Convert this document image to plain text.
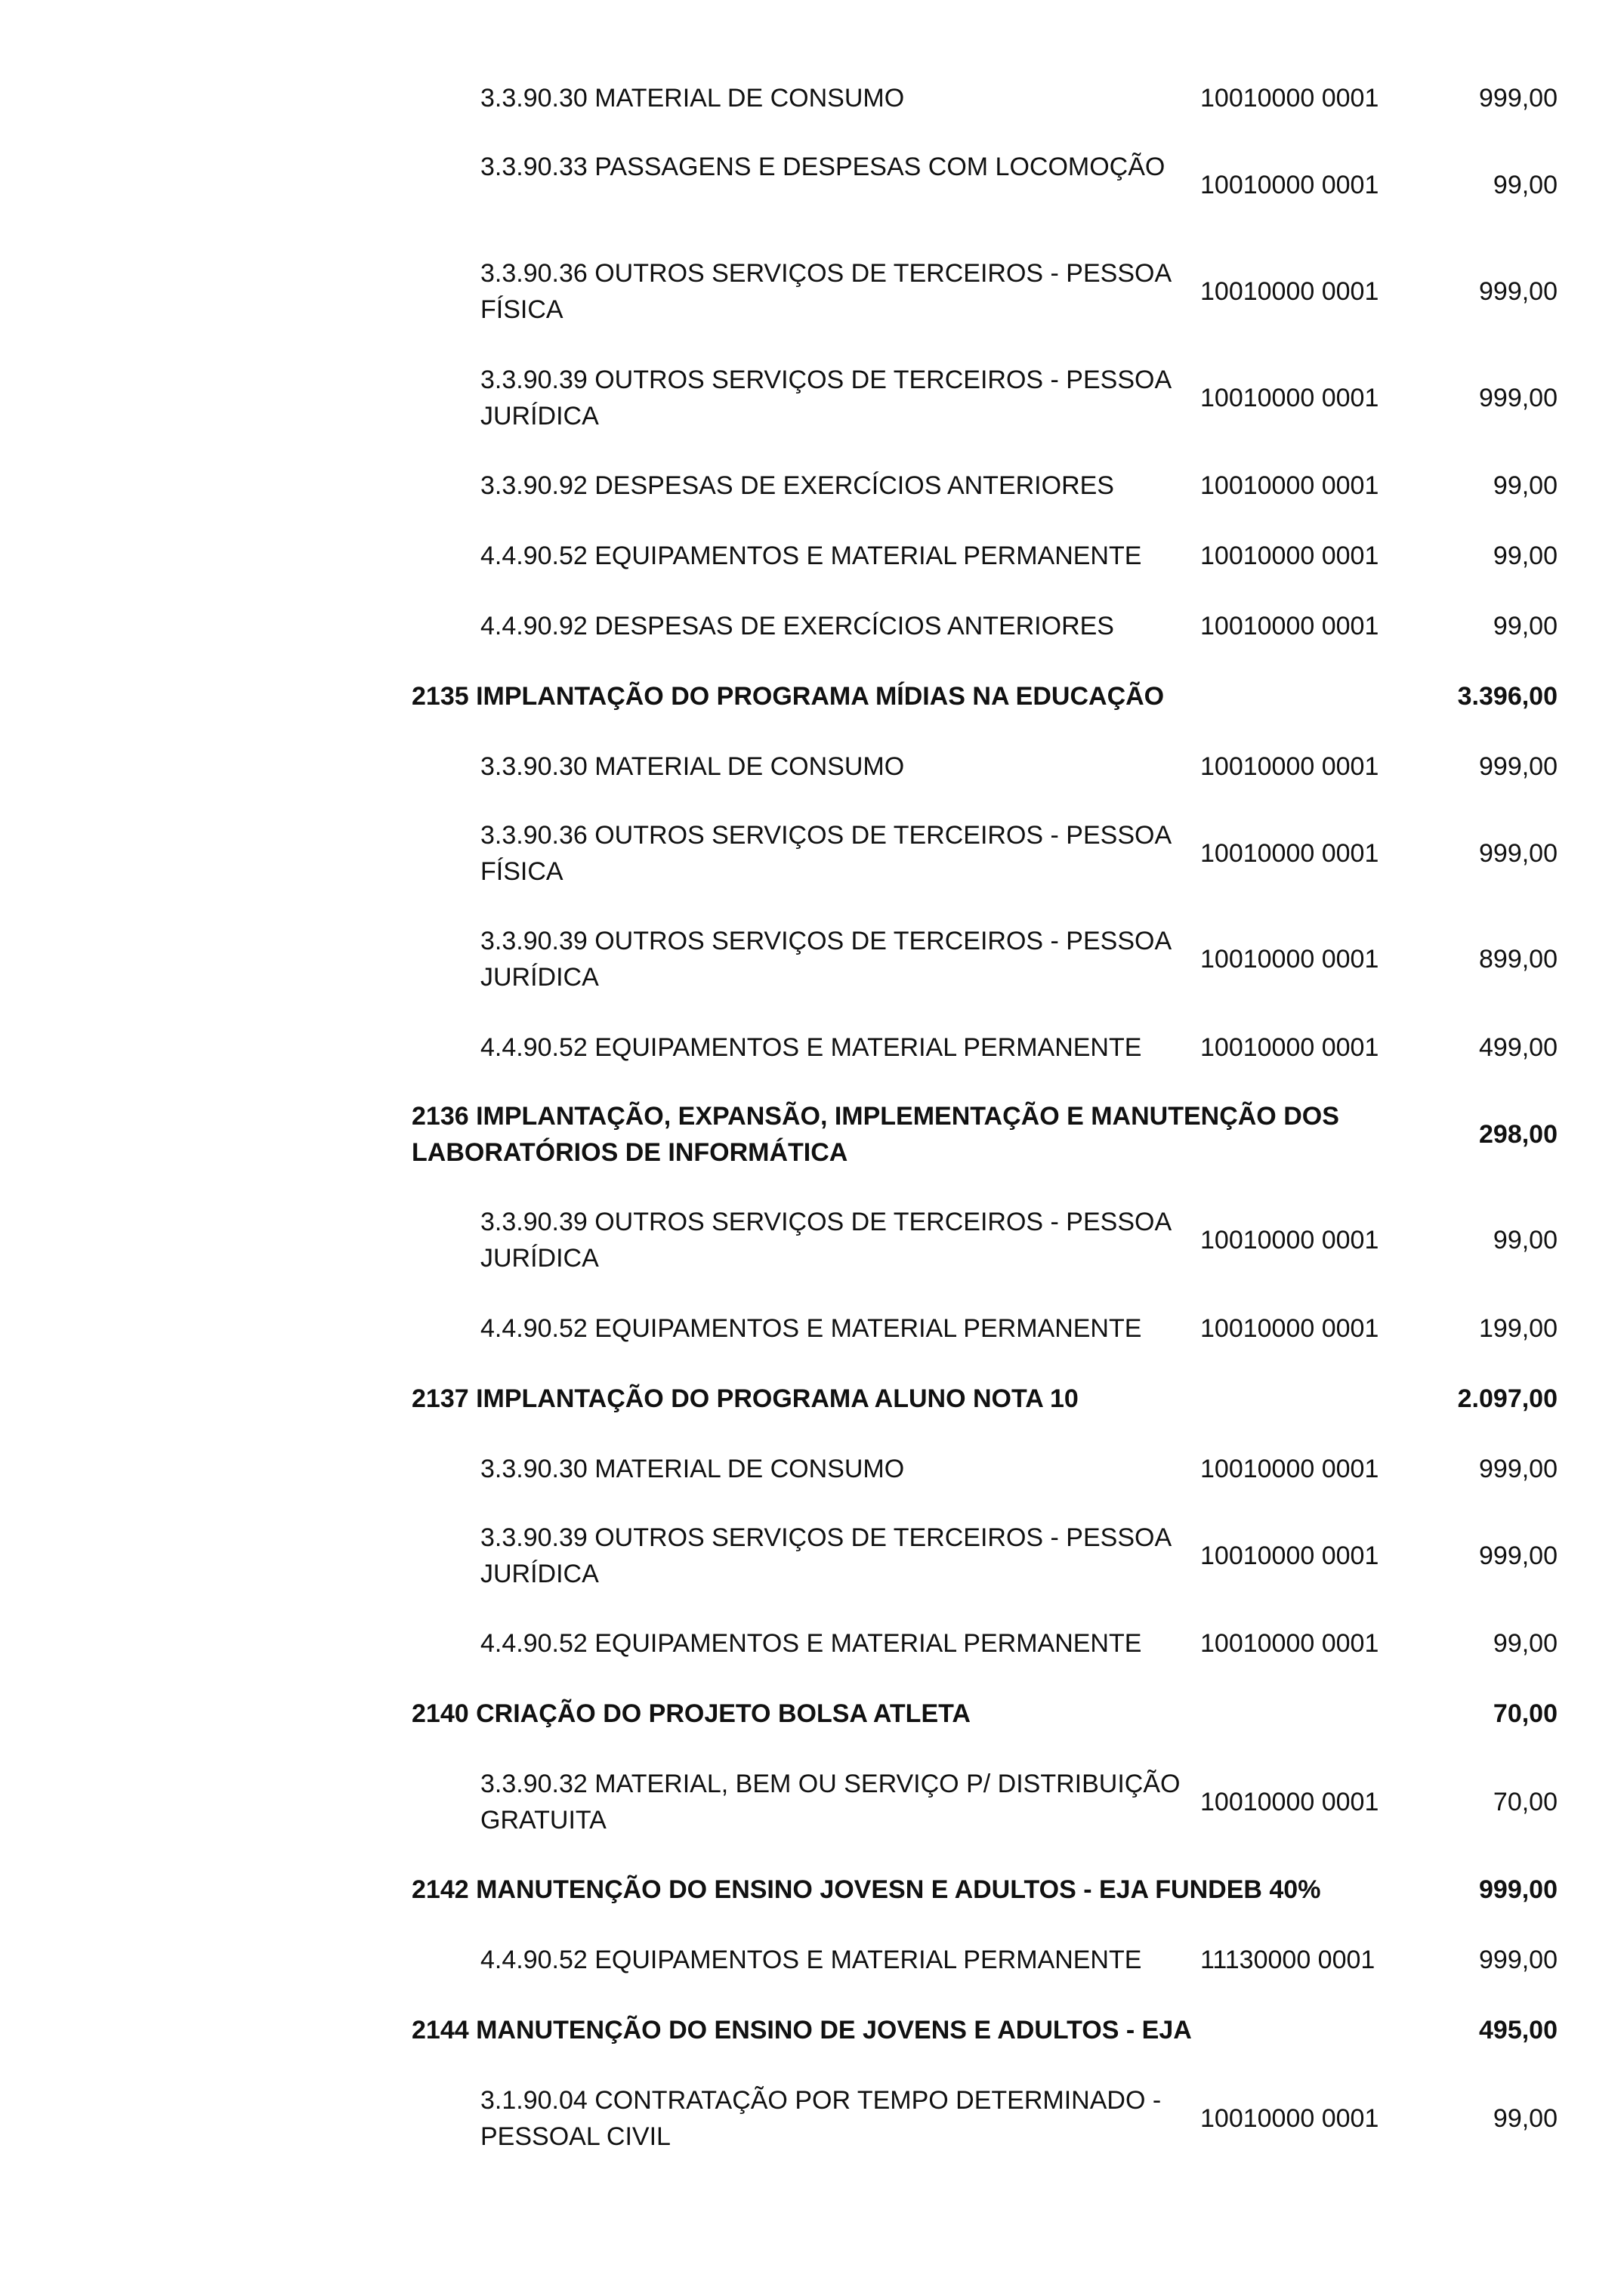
3.3.90.30 MATERIAL DE CONSUMO	10010000 0001	999,00
3.3.90.33 PASSAGENS E DESPESAS COM LOCOMOÇÃO
10010000 0001	99,00
3.3.90.36 OUTROS SERVIÇOS DE TERCEIROS - PESSOA FÍSICA
10010000 0001	999,00
3.3.90.39 OUTROS SERVIÇOS DE TERCEIROS - PESSOA JURÍDICA
10010000 0001	999,00
3.3.90.92 DESPESAS DE EXERCÍCIOS ANTERIORES	10010000 0001	99,00
4.4.90.52 EQUIPAMENTOS E MATERIAL PERMANENTE	10010000 0001	99,00
4.4.90.92 DESPESAS DE EXERCÍCIOS ANTERIORES	10010000 0001	99,00
2135 IMPLANTAÇÃO DO PROGRAMA MÍDIAS NA EDUCAÇÃO	3.396,00
3.3.90.30 MATERIAL DE CONSUMO	10010000 0001	999,00
3.3.90.36 OUTROS SERVIÇOS DE TERCEIROS - PESSOA FÍSICA
10010000 0001	999,00
3.3.90.39 OUTROS SERVIÇOS DE TERCEIROS - PESSOA JURÍDICA
10010000 0001	899,00
4.4.90.52 EQUIPAMENTOS E MATERIAL PERMANENTE	10010000 0001	499,00
2136 IMPLANTAÇÃO, EXPANSÃO, IMPLEMENTAÇÃO E MANUTENÇÃO DOS LABORATÓRIOS DE INFORMÁTICA
298,00
3.3.90.39 OUTROS SERVIÇOS DE TERCEIROS - PESSOA JURÍDICA
10010000 0001	99,00
4.4.90.52 EQUIPAMENTOS E MATERIAL PERMANENTE	10010000 0001	199,00
2137 IMPLANTAÇÃO DO PROGRAMA ALUNO NOTA 10	2.097,00
3.3.90.30 MATERIAL DE CONSUMO	10010000 0001	999,00
3.3.90.39 OUTROS SERVIÇOS DE TERCEIROS - PESSOA JURÍDICA
10010000 0001	999,00
4.4.90.52 EQUIPAMENTOS E MATERIAL PERMANENTE	10010000 0001	99,00
2140 CRIAÇÃO DO PROJETO BOLSA ATLETA	70,00
3.3.90.32 MATERIAL, BEM OU SERVIÇO P/ DISTRIBUIÇÃO GRATUITA
10010000 0001	70,00
2142 MANUTENÇÃO DO ENSINO JOVESN E ADULTOS - EJA FUNDEB 40%	999,00
4.4.90.52 EQUIPAMENTOS E MATERIAL PERMANENTE	11130000 0001	999,00
2144 MANUTENÇÃO DO ENSINO DE JOVENS E ADULTOS - EJA	495,00
3.1.90.04 CONTRATAÇÃO POR TEMPO DETERMINADO - PESSOAL CIVIL
10010000 0001	99,00
